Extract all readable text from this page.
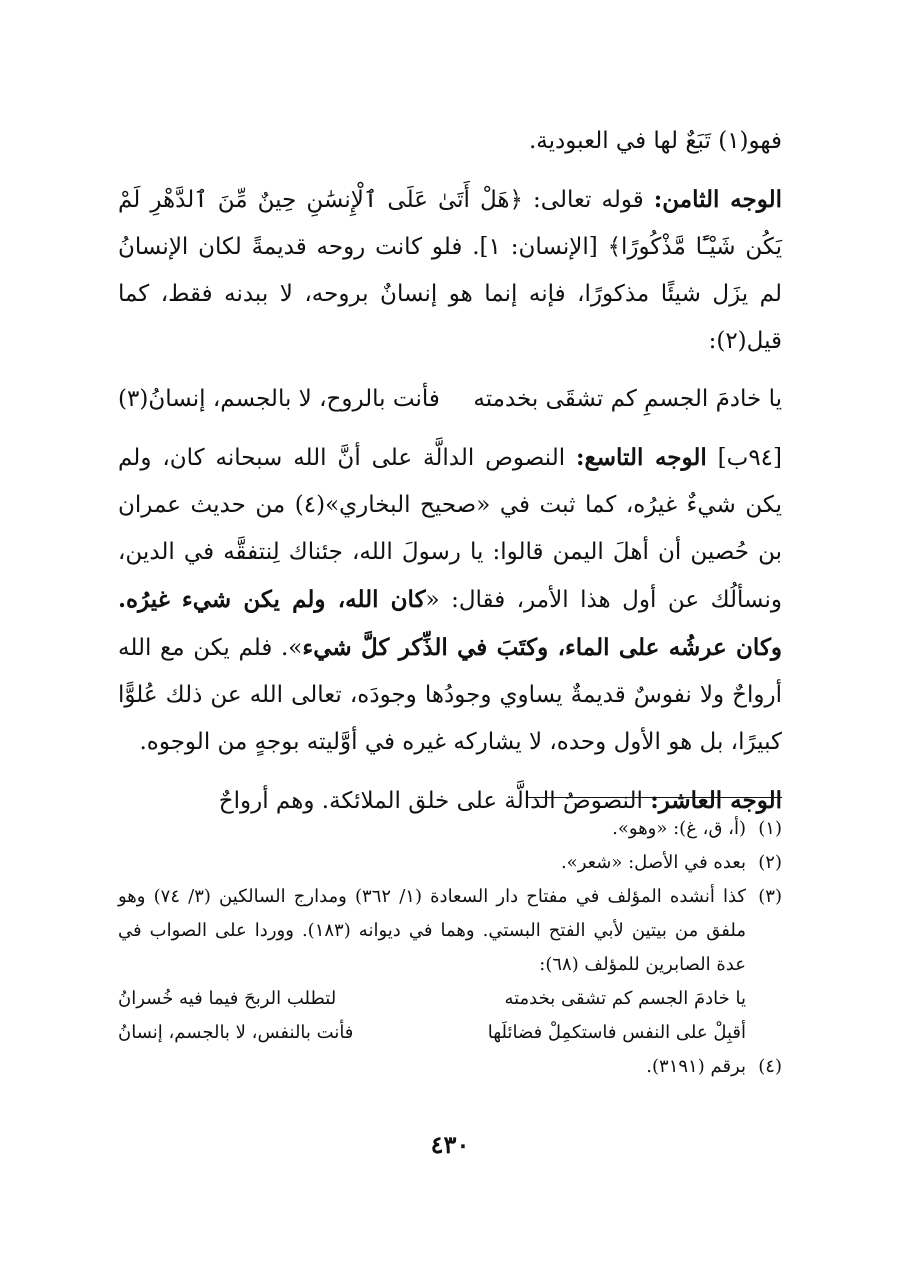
فهو(١) تَبَعٌ لها في العبودية.

الوجه الثامن: قوله تعالى: ﴿هَلْ أَتَىٰ عَلَى ٱلْإِنسَٰنِ حِينٌ مِّنَ ٱلدَّهْرِ لَمْ يَكُن شَيْـًٔا مَّذْكُورًا﴾ [الإنسان: ١]. فلو كانت روحه قديمةً لكان الإنسانُ لم يزَل شيئًا مذكورًا، فإنه إنما هو إنسانٌ بروحه، لا ببدنه فقط، كما قيل(٢):

يا خادمَ الجسمِ كم تشقَى بخدمته
فأنت بالروح، لا بالجسم، إنسانُ(٣)

[٩٤ب] الوجه التاسع: النصوص الدالَّة على أنَّ الله سبحانه كان، ولم يكن شيءٌ غيرُه، كما ثبت في «صحيح البخاري»(٤) من حديث عمران بن حُصين أن أهلَ اليمن قالوا: يا رسولَ الله، جئناك لِنتفقَّه في الدين، ونسألُك عن أول هذا الأمر، فقال: «كان الله، ولم يكن شيء غيرُه. وكان عرشُه على الماء، وكتَبَ في الذِّكر كلَّ شيء». فلم يكن مع الله أرواحٌ ولا نفوسٌ قديمةٌ يساوي وجودُها وجودَه، تعالى الله عن ذلك عُلوًّا كبيرًا، بل هو الأول وحده، لا يشاركه غيره في أوَّليته بوجهٍ من الوجوه.

الوجه العاشر: النصوصُ الدالَّة على خلق الملائكة. وهم أرواحٌ

(١)
(أ، ق، غ): «وهو».
(٢)
بعده في الأصل: «شعر».
(٣)
كذا أنشده المؤلف في مفتاح دار السعادة (١/ ٣٦٢) ومدارج السالكين (٣/ ٧٤) وهو ملفق من بيتين لأبي الفتح البستي. وهما في ديوانه (١٨٣). ووردا على الصواب في عدة الصابرين للمؤلف (٦٨):
يا خادمَ الجسم كم تشقى بخدمته
لتطلب الربحَ فيما فيه خُسرانُ
أقبِلْ على النفس فاستكمِلْ فضائلَها
فأنت بالنفس، لا بالجسم، إنسانُ
(٤)
برقم (٣١٩١).
٤٣٠
